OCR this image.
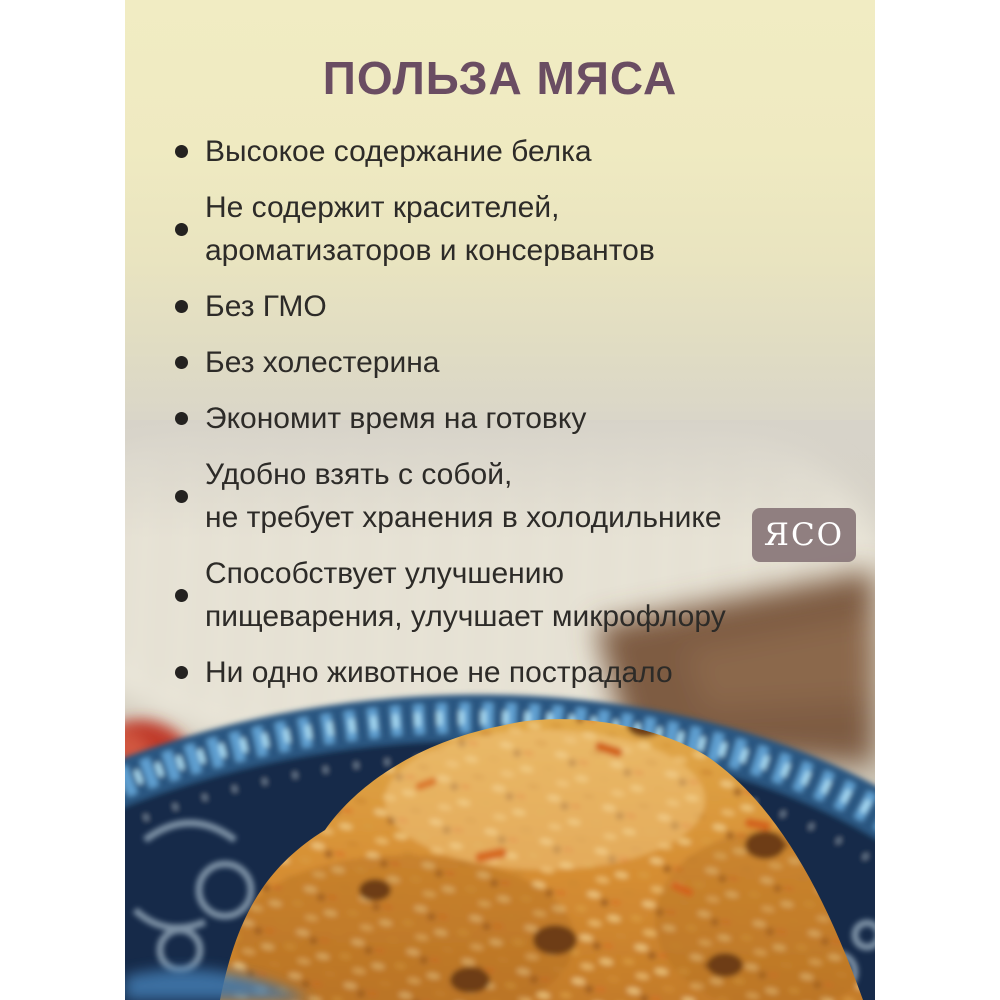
ПОЛЬЗА МЯСА
Высокое содержание белка
Не содержит красителей,
ароматизаторов и консервантов
Без ГМО
Без холестерина
Экономит время на готовку
Удобно взять с собой,
не требует хранения в холодильнике
Способствует улучшению
пищеварения, улучшает микрофлору
Ни одно животное не пострадало
ЯСО
